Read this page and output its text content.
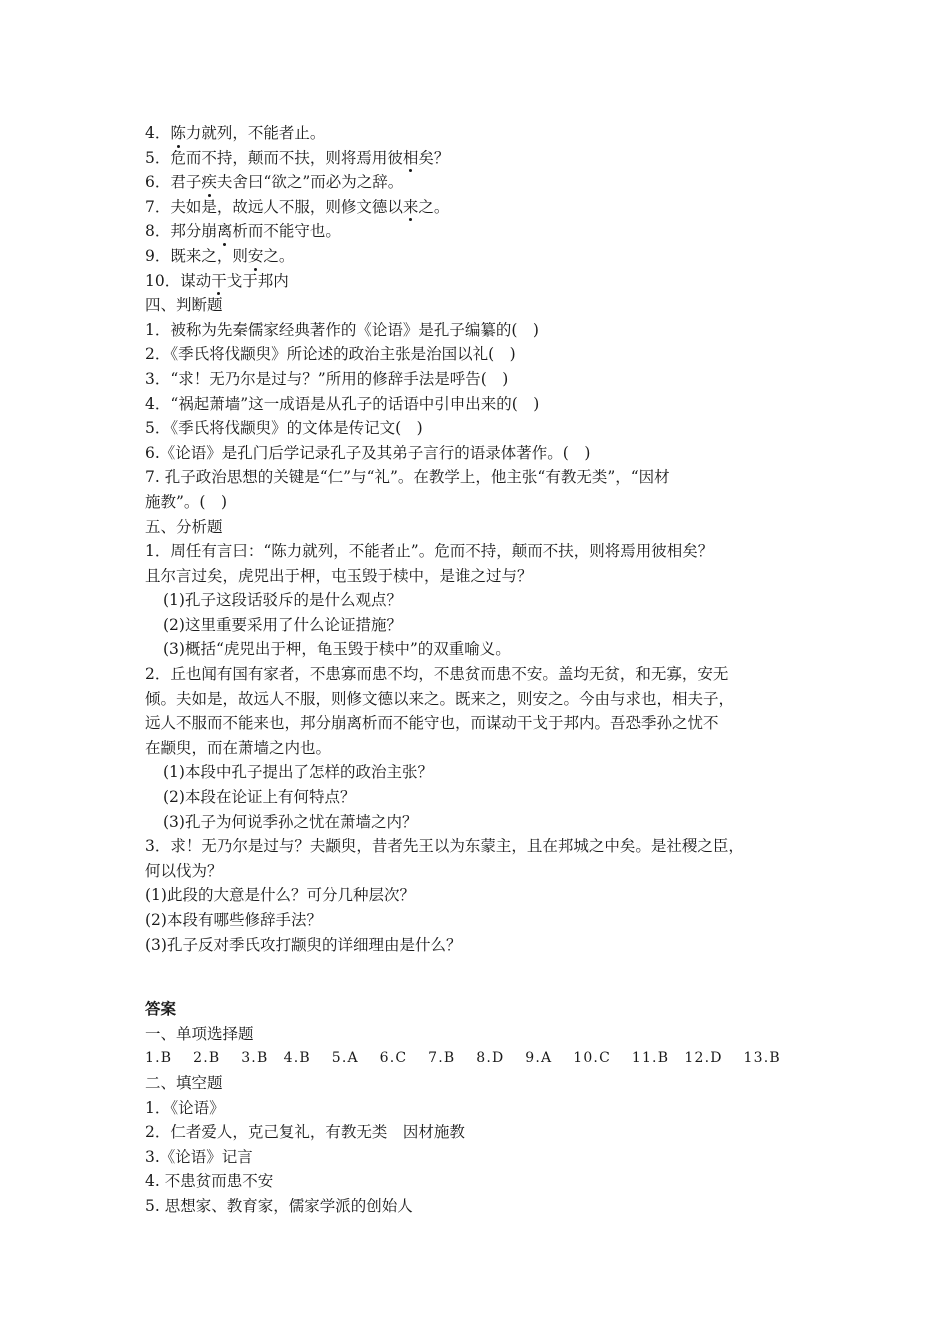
4．陈力就列，不能者止。
5．危而不持，颠而不扶，则将焉用彼相矣？
6．君子疾夫舍曰“欲之”而必为之辞。
7．夫如是，故远人不服，则修文德以来之。
8．邦分崩离析而不能守也。
9．既来之，则安之。
10．谋动干戈于邦内
四、判断题
1．被称为先秦儒家经典著作的《论语》是孔子编纂的(　)
2．《季氏将伐颛臾》所论述的政治主张是治国以礼(　)
3．“求！无乃尔是过与？”所用的修辞手法是呼告(　)
4．“祸起萧墙”这一成语是从孔子的话语中引申出来的(　)
5．《季氏将伐颛臾》的文体是传记文(　)
6.《论语》是孔门后学记录孔子及其弟子言行的语录体著作。(　)
7. 孔子政治思想的关键是“仁”与“礼”。在教学上，他主张“有教无类”，“因材
施教”。(　)
五、分析题
1．周任有言曰：“陈力就列，不能者止”。危而不持，颠而不扶，则将焉用彼相矣？
且尔言过矣，虎兕出于柙，屯玉毁于椟中，是谁之过与？
(1)孔子这段话驳斥的是什么观点？
(2)这里重要采用了什么论证措施？
(3)概括“虎兕出于柙，龟玉毁于椟中”的双重喻义。
2．丘也闻有国有家者，不患寡而患不均，不患贫而患不安。盖均无贫，和无寡，安无
倾。夫如是，故远人不服，则修文德以来之。既来之，则安之。今由与求也，相夫子，
远人不服而不能来也，邦分崩离析而不能守也，而谋动干戈于邦内。吾恐季孙之忧不
在颛臾，而在萧墙之内也。
(1)本段中孔子提出了怎样的政治主张？
(2)本段在论证上有何特点？
(3)孔子为何说季孙之忧在萧墙之内？
3．求！无乃尔是过与？夫颛臾，昔者先王以为东蒙主，且在邦城之中矣。是社稷之臣，
何以伐为？
(1)此段的大意是什么？可分几种层次？
(2)本段有哪些修辞手法？
(3)孔子反对季氏攻打颛臾的详细理由是什么？
答案
一、单项选择题
1.B　 2.B　 3.B　4.B　 5.A　 6.C　 7.B　 8.D　 9.A　 10.C　 11.B　12.D　 13.B
二、填空题
1．《论语》
2．仁者爱人，克己复礼，有教无类　因材施教
3.《论语》记言
4. 不患贫而患不安
5. 思想家、教育家，儒家学派的创始人
